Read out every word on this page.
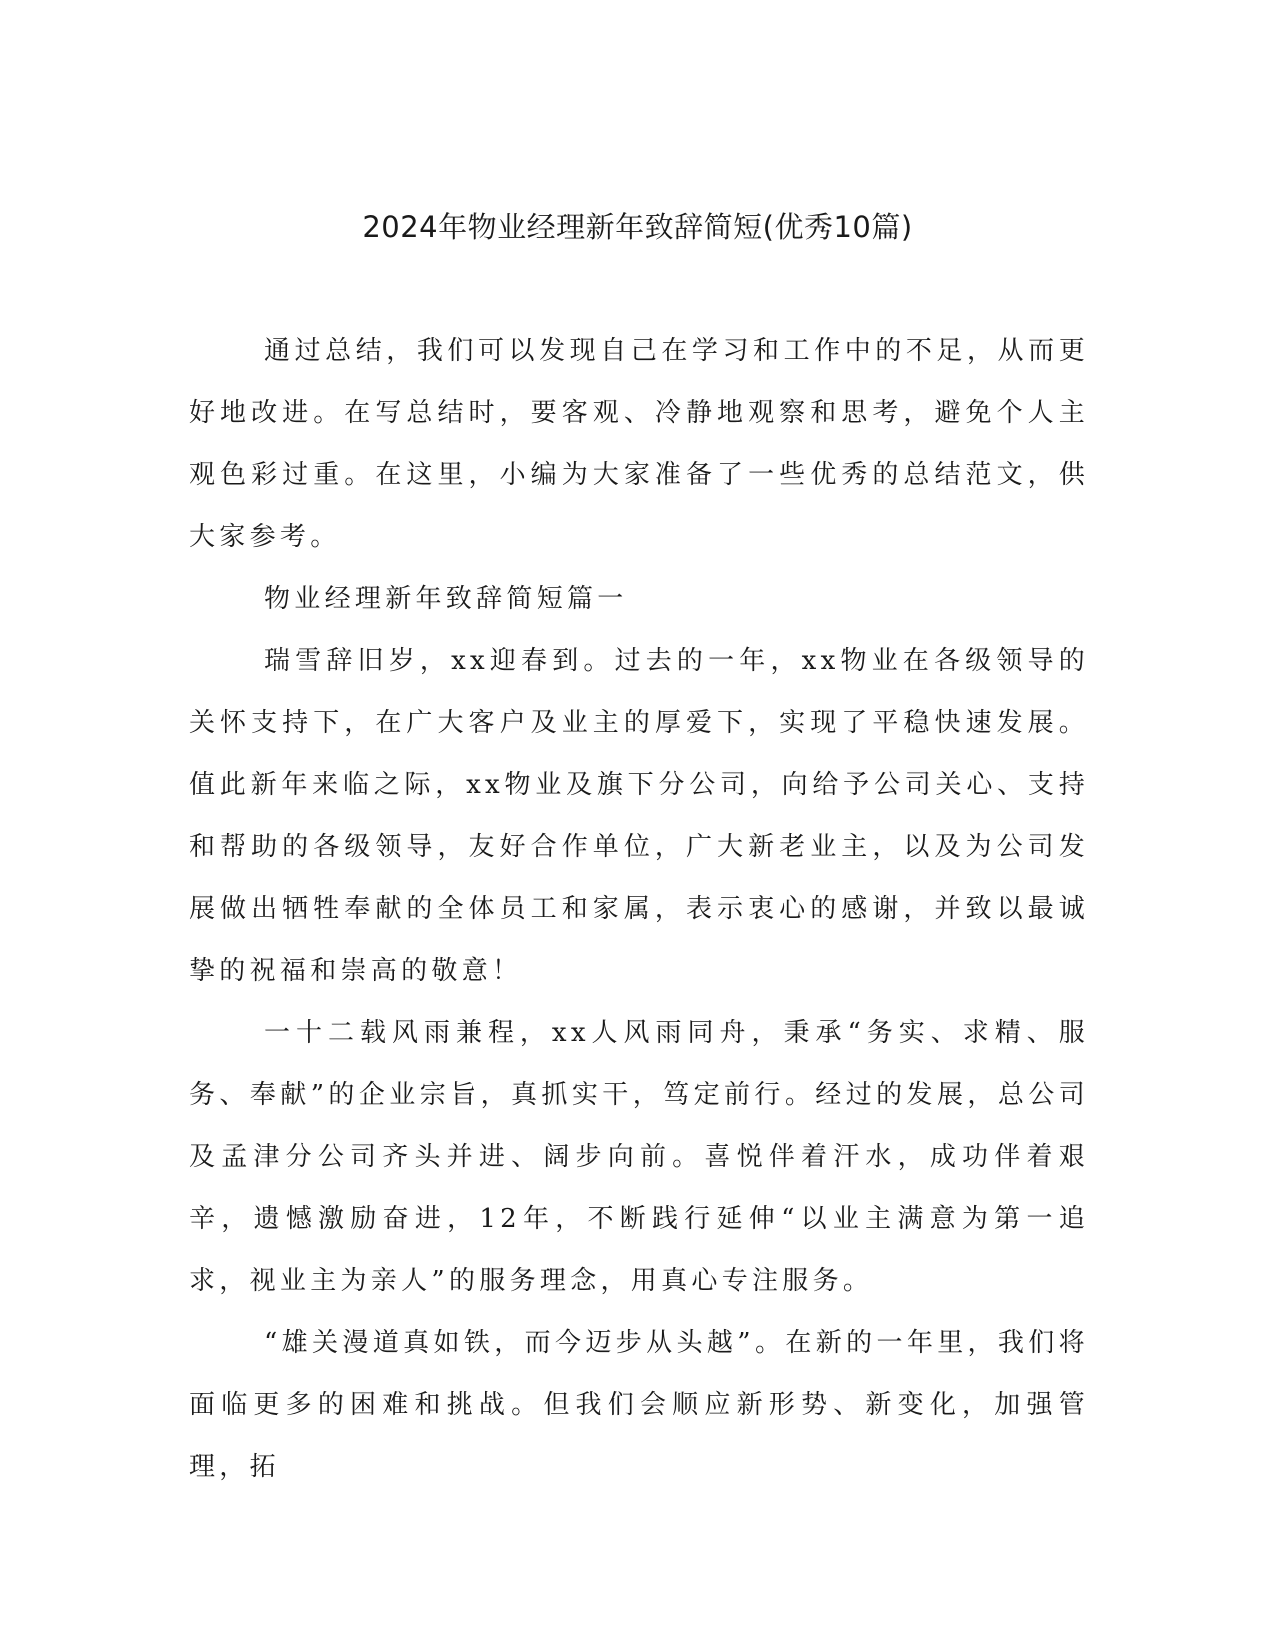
2024年物业经理新年致辞简短(优秀10篇)

通过总结，我们可以发现自己在学习和工作中的不足，从而更好地改进。在写总结时，要客观、冷静地观察和思考，避免个人主观色彩过重。在这里，小编为大家准备了一些优秀的总结范文，供大家参考。

物业经理新年致辞简短篇一

瑞雪辞旧岁，xx迎春到。过去的一年，xx物业在各级领导的关怀支持下，在广大客户及业主的厚爱下，实现了平稳快速发展。值此新年来临之际，xx物业及旗下分公司，向给予公司关心、支持和帮助的各级领导，友好合作单位，广大新老业主，以及为公司发展做出牺牲奉献的全体员工和家属，表示衷心的感谢，并致以最诚挚的祝福和崇高的敬意！

一十二载风雨兼程，xx人风雨同舟，秉承“务实、求精、服务、奉献”的企业宗旨，真抓实干，笃定前行。经过的发展，总公司及孟津分公司齐头并进、阔步向前。喜悦伴着汗水，成功伴着艰辛，遗憾激励奋进，12年，不断践行延伸“以业主满意为第一追求，视业主为亲人”的服务理念，用真心专注服务。

“雄关漫道真如铁，而今迈步从头越”。在新的一年里，我们将面临更多的困难和挑战。但我们会顺应新形势、新变化，加强管理，拓
